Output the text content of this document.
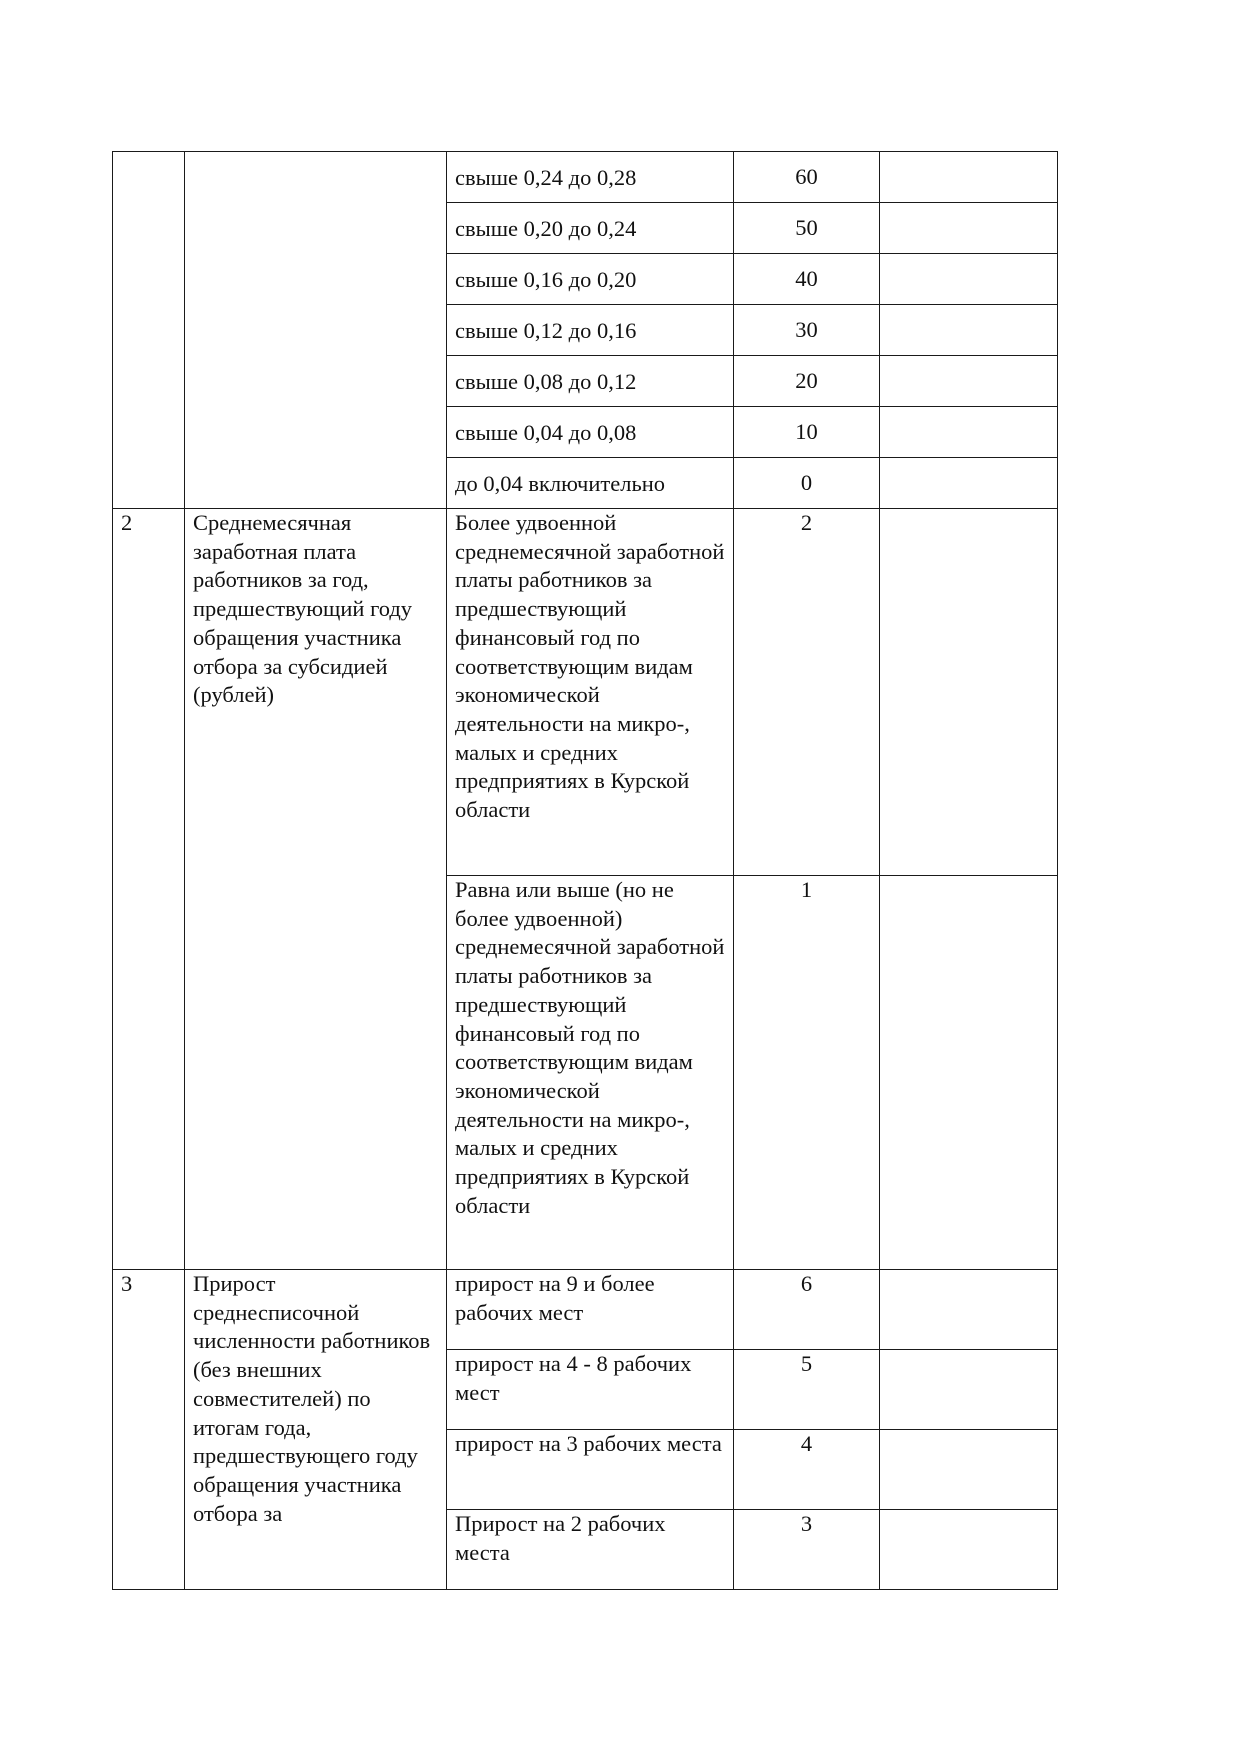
		свыше 0,24 до 0,28	60	
		свыше 0,20 до 0,24	50	
		свыше 0,16 до 0,20	40	
		свыше 0,12 до 0,16	30	
		свыше 0,08 до 0,12	20	
		свыше 0,04 до 0,08	10	
		до 0,04 включительно	0	
2	Среднемесячная заработная плата работников за год, предшествующий году обращения участника отбора за субсидией (рублей)	Более удвоенной среднемесячной заработной платы работников за предшествующий финансовый год по соответствующим видам экономической деятельности на микро-, малых и средних предприятиях в Курской области	2	
		Равна или выше (но не более удвоенной) среднемесячной заработной платы работников за предшествующий финансовый год по соответствующим видам экономической деятельности на микро-, малых и средних предприятиях в Курской области	1	
3	Прирост среднесписочной численности работников (без внешних совместителей) по итогам года, предшествующего году обращения участника отбора за	прирост на 9 и более рабочих мест	6	
		прирост на 4 - 8 рабочих мест	5	
		прирост на 3 рабочих места	4	
		Прирост на 2 рабочих места	3	
